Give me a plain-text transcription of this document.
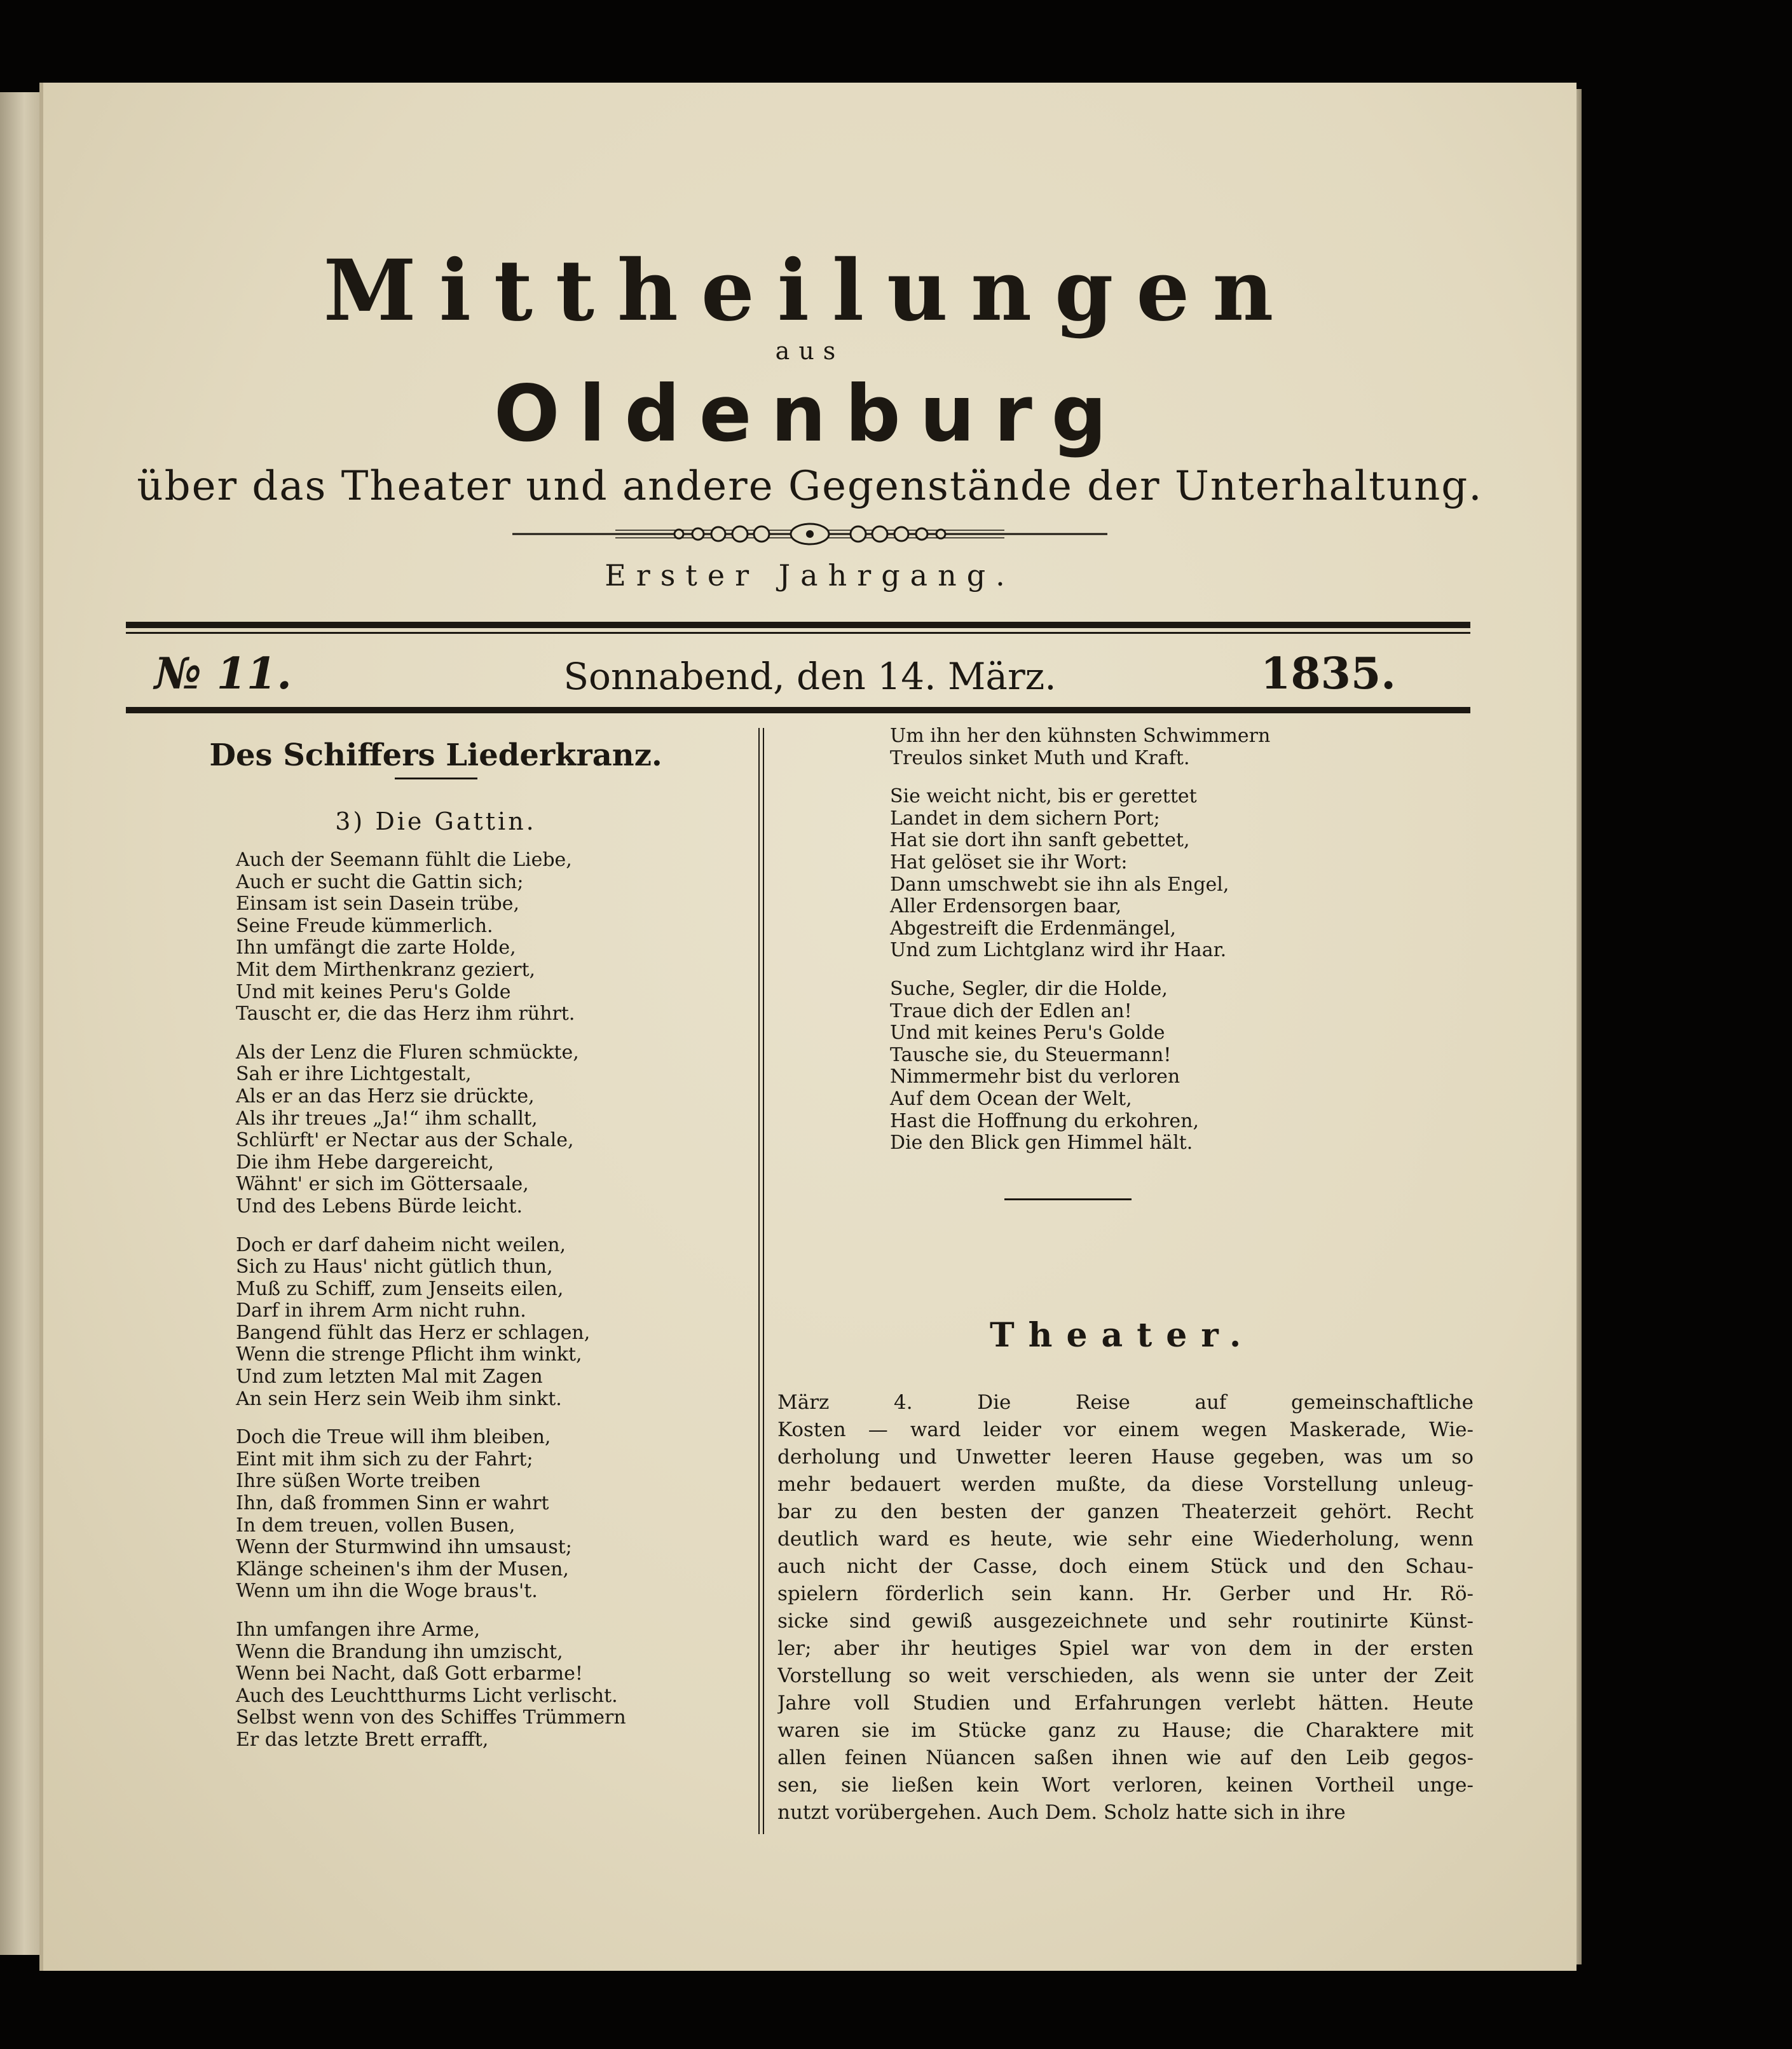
Mittheilungen
aus
Oldenburg
über das Theater und andere Gegenstände der Unterhaltung.
Erster Jahrgang.
№ 11.	Sonnabend, den 14. März.	1835.
Des Schiffers Liederkranz.
3) Die Gattin.
Auch der Seemann fühlt die Liebe,
Auch er sucht die Gattin sich;
Einsam ist sein Dasein trübe,
Seine Freude kümmerlich.
Ihn umfängt die zarte Holde,
Mit dem Mirthenkranz geziert,
Und mit keines Peru's Golde
Tauscht er, die das Herz ihm rührt.
Als der Lenz die Fluren schmückte,
Sah er ihre Lichtgestalt,
Als er an das Herz sie drückte,
Als ihr treues „Ja!“ ihm schallt,
Schlürft' er Nectar aus der Schale,
Die ihm Hebe dargereicht,
Wähnt' er sich im Göttersaale,
Und des Lebens Bürde leicht.
Doch er darf daheim nicht weilen,
Sich zu Haus' nicht gütlich thun,
Muß zu Schiff, zum Jenseits eilen,
Darf in ihrem Arm nicht ruhn.
Bangend fühlt das Herz er schlagen,
Wenn die strenge Pflicht ihm winkt,
Und zum letzten Mal mit Zagen
An sein Herz sein Weib ihm sinkt.
Doch die Treue will ihm bleiben,
Eint mit ihm sich zu der Fahrt;
Ihre süßen Worte treiben
Ihn, daß frommen Sinn er wahrt
In dem treuen, vollen Busen,
Wenn der Sturmwind ihn umsaust;
Klänge scheinen's ihm der Musen,
Wenn um ihn die Woge braus't.
Ihn umfangen ihre Arme,
Wenn die Brandung ihn umzischt,
Wenn bei Nacht, daß Gott erbarme!
Auch des Leuchtthurms Licht verlischt.
Selbst wenn von des Schiffes Trümmern
Er das letzte Brett errafft,
Um ihn her den kühnsten Schwimmern
Treulos sinket Muth und Kraft.
Sie weicht nicht, bis er gerettet
Landet in dem sichern Port;
Hat sie dort ihn sanft gebettet,
Hat gelöset sie ihr Wort:
Dann umschwebt sie ihn als Engel,
Aller Erdensorgen baar,
Abgestreift die Erdenmängel,
Und zum Lichtglanz wird ihr Haar.
Suche, Segler, dir die Holde,
Traue dich der Edlen an!
Und mit keines Peru's Golde
Tausche sie, du Steuermann!
Nimmermehr bist du verloren
Auf dem Ocean der Welt,
Hast die Hoffnung du erkohren,
Die den Blick gen Himmel hält.
Theater.
März 4. Die Reise auf gemeinschaftliche
Kosten — ward leider vor einem wegen Maskerade, Wie-
derholung und Unwetter leeren Hause gegeben, was um so
mehr bedauert werden mußte, da diese Vorstellung unleug-
bar zu den besten der ganzen Theaterzeit gehört. Recht
deutlich ward es heute, wie sehr eine Wiederholung, wenn
auch nicht der Casse, doch einem Stück und den Schau-
spielern förderlich sein kann. Hr. Gerber und Hr. Rö-
sicke sind gewiß ausgezeichnete und sehr routinirte Künst-
ler; aber ihr heutiges Spiel war von dem in der ersten
Vorstellung so weit verschieden, als wenn sie unter der Zeit
Jahre voll Studien und Erfahrungen verlebt hätten. Heute
waren sie im Stücke ganz zu Hause; die Charaktere mit
allen feinen Nüancen saßen ihnen wie auf den Leib gegos-
sen, sie ließen kein Wort verloren, keinen Vortheil unge-
nutzt vorübergehen. Auch Dem. Scholz hatte sich in ihre
